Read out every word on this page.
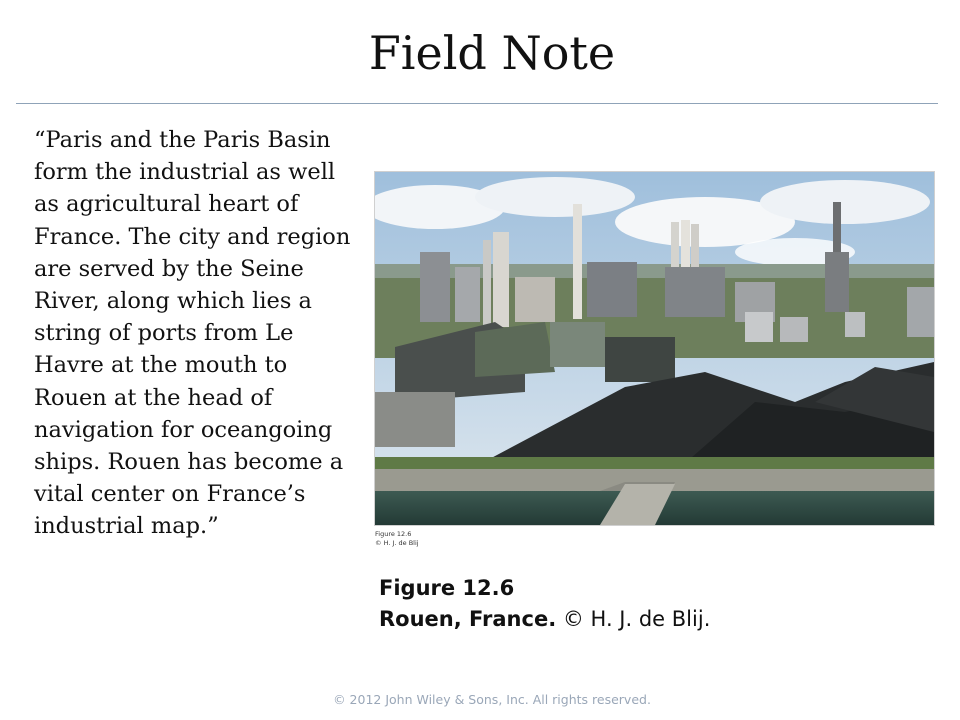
Field Note
“Paris and the Paris Basin form the industrial as well as agricultural heart of France. The city and region are served by the Seine River, along which lies a string of ports from Le Havre at the mouth to Rouen at the head of navigation for oceangoing ships. Rouen has become a vital center on France’s industrial map.”	Figure 12.6
© H. J. de Blij
Figure 12.6
Rouen, France. © H. J. de Blij.
© 2012 John Wiley & Sons, Inc. All rights reserved.
